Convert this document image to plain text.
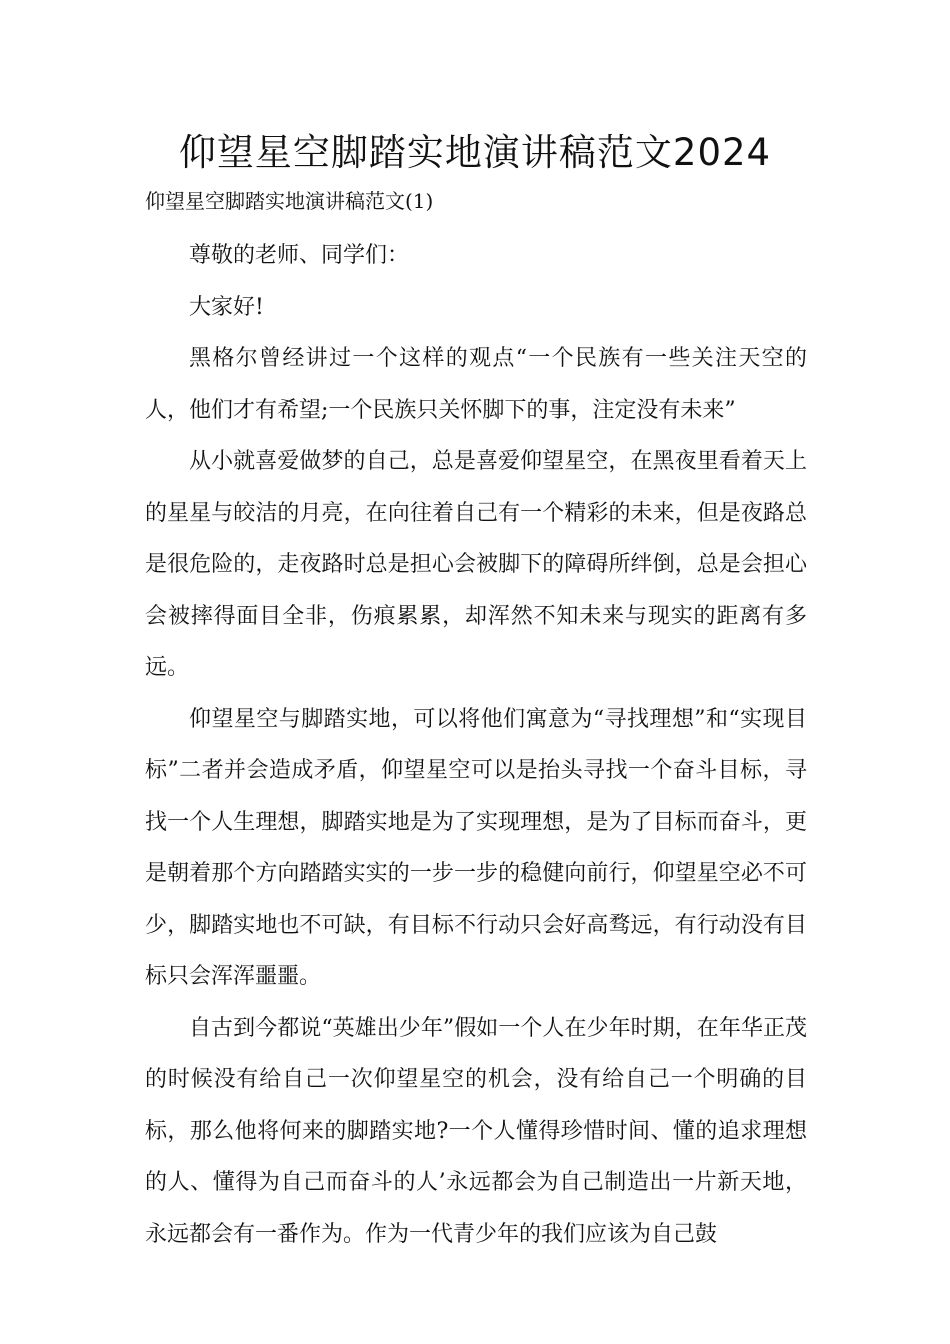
仰望星空脚踏实地演讲稿范文2024

仰望星空脚踏实地演讲稿范文(1)

尊敬的老师、同学们：

大家好!

黑格尔曾经讲过一个这样的观点“一个民族有一些关注天空的人，他们才有希望;一个民族只关怀脚下的事，注定没有未来”

从小就喜爱做梦的自己，总是喜爱仰望星空，在黑夜里看着天上的星星与皎洁的月亮，在向往着自己有一个精彩的未来，但是夜路总是很危险的，走夜路时总是担心会被脚下的障碍所绊倒，总是会担心会被摔得面目全非，伤痕累累，却浑然不知未来与现实的距离有多远。

仰望星空与脚踏实地，可以将他们寓意为“寻找理想”和“实现目标”二者并会造成矛盾，仰望星空可以是抬头寻找一个奋斗目标，寻找一个人生理想，脚踏实地是为了实现理想，是为了目标而奋斗，更是朝着那个方向踏踏实实的一步一步的稳健向前行，仰望星空必不可少，脚踏实地也不可缺，有目标不行动只会好高骛远，有行动没有目标只会浑浑噩噩。

自古到今都说“英雄出少年”假如一个人在少年时期，在年华正茂的时候没有给自己一次仰望星空的机会，没有给自己一个明确的目标，那么他将何来的脚踏实地?一个人懂得珍惜时间、懂的追求理想的人、懂得为自己而奋斗的人’永远都会为自己制造出一片新天地，永远都会有一番作为。作为一代青少年的我们应该为自己鼓
